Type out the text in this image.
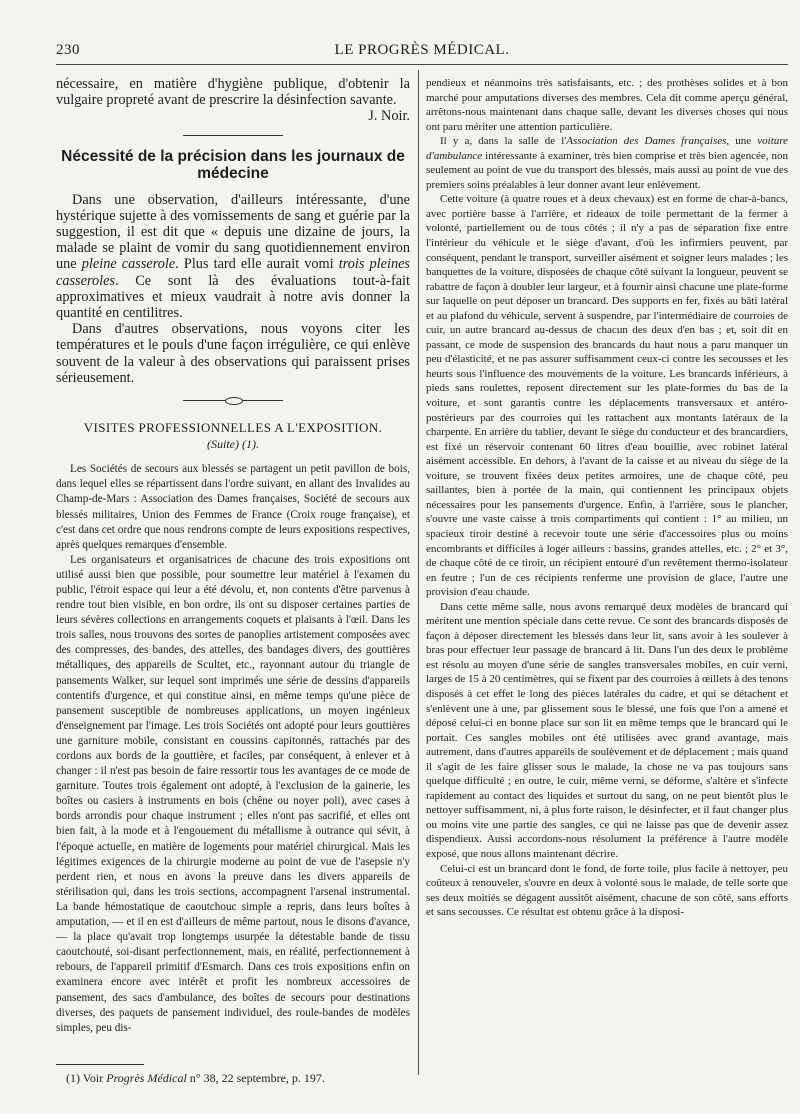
230	LE PROGRÈS MÉDICAL.

nécessaire, en matière d'hygiène publique, d'obtenir la vulgaire propreté avant de prescrire la désinfection savante.

J. Noir.
Nécessité de la précision dans les journaux de médecine

Dans une observation, d'ailleurs intéressante, d'une hystérique sujette à des vomissements de sang et guérie par la suggestion, il est dit que « depuis une dizaine de jours, la malade se plaint de vomir du sang quotidiennement environ une pleine casserole. Plus tard elle aurait vomi trois pleines casseroles. Ce sont là des évaluations tout-à-fait approximatives et mieux vaudrait à notre avis donner la quantité en centilitres.

Dans d'autres observations, nous voyons citer les températures et le pouls d'une façon irrégulière, ce qui enlève souvent de la valeur à des observations qui paraissent prises sérieusement.

VISITES PROFESSIONNELLES A L'EXPOSITION.
(Suite) (1).

Les Sociétés de secours aux blessés se partagent un petit pavillon de bois, dans lequel elles se répartissent dans l'ordre suivant, en allant des Invalides au Champ-de-Mars : Association des Dames françaises, Société de secours aux blessés militaires, Union des Femmes de France (Croix rouge française), et c'est dans cet ordre que nous rendrons compte de leurs expositions respectives, après quelques remarques d'ensemble.

Les organisateurs et organisatrices de chacune des trois expositions ont utilisé aussi bien que possible, pour soumettre leur matériel à l'examen du public, l'étroit espace qui leur a été dévolu, et, non contents d'être parvenus à rendre tout bien visible, en bon ordre, ils ont su disposer certaines parties de leurs sévères collections en arrangements coquets et plaisants à l'œil. Dans les trois salles, nous trouvons des sortes de panoplies artistement composées avec des compresses, des bandes, des attelles, des bandages divers, des gouttières métalliques, des appareils de Scultet, etc., rayonnant autour du triangle de pansements Walker, sur lequel sont imprimés une série de dessins d'appareils contentifs d'urgence, et qui constitue ainsi, en même temps qu'une pièce de pansement susceptible de nombreuses applications, un moyen ingénieux d'enseignement par l'image. Les trois Sociétés ont adopté pour leurs gouttières une garniture mobile, consistant en coussins capitonnés, rattachés par des cordons aux bords de la gouttière, et faciles, par conséquent, à enlever et à changer : il n'est pas besoin de faire ressortir tous les avantages de ce mode de garniture. Toutes trois également ont adopté, à l'exclusion de la gainerie, les boîtes ou casiers à instruments en bois (chêne ou noyer poli), avec cases à bords arrondis pour chaque instrument ; elles n'ont pas sacrifié, et elles ont bien fait, à la mode et à l'engouement du métallisme à outrance qui sévit, à l'époque actuelle, en matière de logements pour matériel chirurgical. Mais les légitimes exigences de la chirurgie moderne au point de vue de l'asepsie n'y perdent rien, et nous en avons la preuve dans les divers appareils de stérilisation qui, dans les trois sections, accompagnent l'arsenal instrumental. La bande hémostatique de caoutchouc simple a repris, dans leurs boîtes à amputation, — et il en est d'ailleurs de même partout, nous le disons d'avance, — la place qu'avait trop longtemps usurpée la détestable bande de tissu caoutchouté, soi-disant perfectionnement, mais, en réalité, perfectionnement à rebours, de l'appareil primitif d'Esmarch. Dans ces trois expositions enfin on examinera encore avec intérêt et profit les nombreux accessoires de pansement, des sacs d'ambulance, des boîtes de secours pour destinations diverses, des paquets de pansement individuel, des roule-bandes de modèles simples, peu dis-

(1) Voir Progrès Médical n° 38, 22 septembre, p. 197.

pendieux et néanmoins très satisfaisants, etc. ; des prothèses solides et à bon marché pour amputations diverses des membres. Cela dit comme aperçu général, arrêtons-nous maintenant dans chaque salle, devant les diverses choses qui nous ont paru mériter une attention particulière.

Il y a, dans la salle de l'Association des Dames françaises, une voiture d'ambulance intéressante à examiner, très bien comprise et très bien agencée, non seulement au point de vue du transport des blessés, mais aussi au point de vue des premiers soins préalables à leur donner avant leur enlèvement.

Cette voiture (à quatre roues et à deux chevaux) est en forme de char-à-bancs, avec portière basse à l'arrière, et rideaux de toile permettant de la fermer à volonté, partiellement ou de tous côtés ; il n'y a pas de séparation fixe entre l'intérieur du véhicule et le siège d'avant, d'où les infirmiers peuvent, par conséquent, pendant le transport, surveiller aisément et soigner leurs malades ; les banquettes de la voiture, disposées de chaque côté suivant la longueur, peuvent se rabattre de façon à doubler leur largeur, et à fournir ainsi chacune une plate-forme sur laquelle on peut déposer un brancard. Des supports en fer, fixés au bâti latéral et au plafond du véhicule, servent à suspendre, par l'intermédiaire de courroies de cuir, un autre brancard au-dessus de chacun des deux d'en bas ; et, soit dit en passant, ce mode de suspension des brancards du haut nous a paru manquer un peu d'élasticité, et ne pas assurer suffisamment ceux-ci contre les secousses et les heurts sous l'influence des mouvements de la voiture. Les brancards inférieurs, à pieds sans roulettes, reposent directement sur les plate-formes du bas de la voiture, et sont garantis contre les déplacements transversaux et antéro-postérieurs par des courroies qui les rattachent aux montants latéraux de la charpente. En arrière du tablier, devant le siège du conducteur et des brancardiers, est fixé un réservoir contenant 60 litres d'eau bouillie, avec robinet latéral aisément accessible. En dehors, à l'avant de la caisse et au niveau du siège de la voiture, se trouvent fixées deux petites armoires, une de chaque côté, peu saillantes, bien à portée de la main, qui contiennent les principaux objets nécessaires pour les pansements d'urgence. Enfin, à l'arrière, sous le plancher, s'ouvre une vaste caisse à trois compartiments qui contient : 1° au milieu, un spacieux tiroir destiné à recevoir toute une série d'accessoires plus ou moins encombrants et difficiles à loger ailleurs : bassins, grandes attelles, etc. ; 2° et 3°, de chaque côté de ce tiroir, un récipient entouré d'un revêtement thermo-isolateur en feutre ; l'un de ces récipients renferme une provision de glace, l'autre une provision d'eau chaude.

Dans cette même salle, nous avons remarqué deux modèles de brancard qui méritent une mention spéciale dans cette revue. Ce sont des brancards disposés de façon à déposer directement les blessés dans leur lit, sans avoir à les soulever à bras pour effectuer leur passage de brancard à lit. Dans l'un des deux le problème est résolu au moyen d'une série de sangles transversales mobiles, en cuir verni, larges de 15 à 20 centimètres, qui se fixent par des courroies à œillets à des tenons disposés à cet effet le long des pièces latérales du cadre, et qui se détachent et s'enlèvent une à une, par glissement sous le blessé, une fois que l'on a amené et déposé celui-ci en bonne place sur son lit en même temps que le brancard qui le portait. Ces sangles mobiles ont été utilisées avec grand avantage, mais autrement, dans d'autres appareils de soulèvement et de déplacement ; mais quand il s'agit de les faire glisser sous le malade, la chose ne va pas toujours sans quelque difficulté ; en outre, le cuir, même verni, se déforme, s'altère et s'infecte rapidement au contact des liquides et surtout du sang, on ne peut bientôt plus le nettoyer suffisamment, ni, à plus forte raison, le désinfecter, et il faut changer plus ou moins vite une partie des sangles, ce qui ne laisse pas que de devenir assez dispendieux. Aussi accordons-nous résolument la préférence à l'autre modèle exposé, que nous allons maintenant décrire.

Celui-ci est un brancard dont le fond, de forte toile, plus facile à nettoyer, peu coûteux à renouveler, s'ouvre en deux à volonté sous le malade, de telle sorte que ses deux moitiés se dégagent aussitôt aisément, chacune de son côté, sans efforts et sans secousses. Ce résultat est obtenu grâce à la disposi-
